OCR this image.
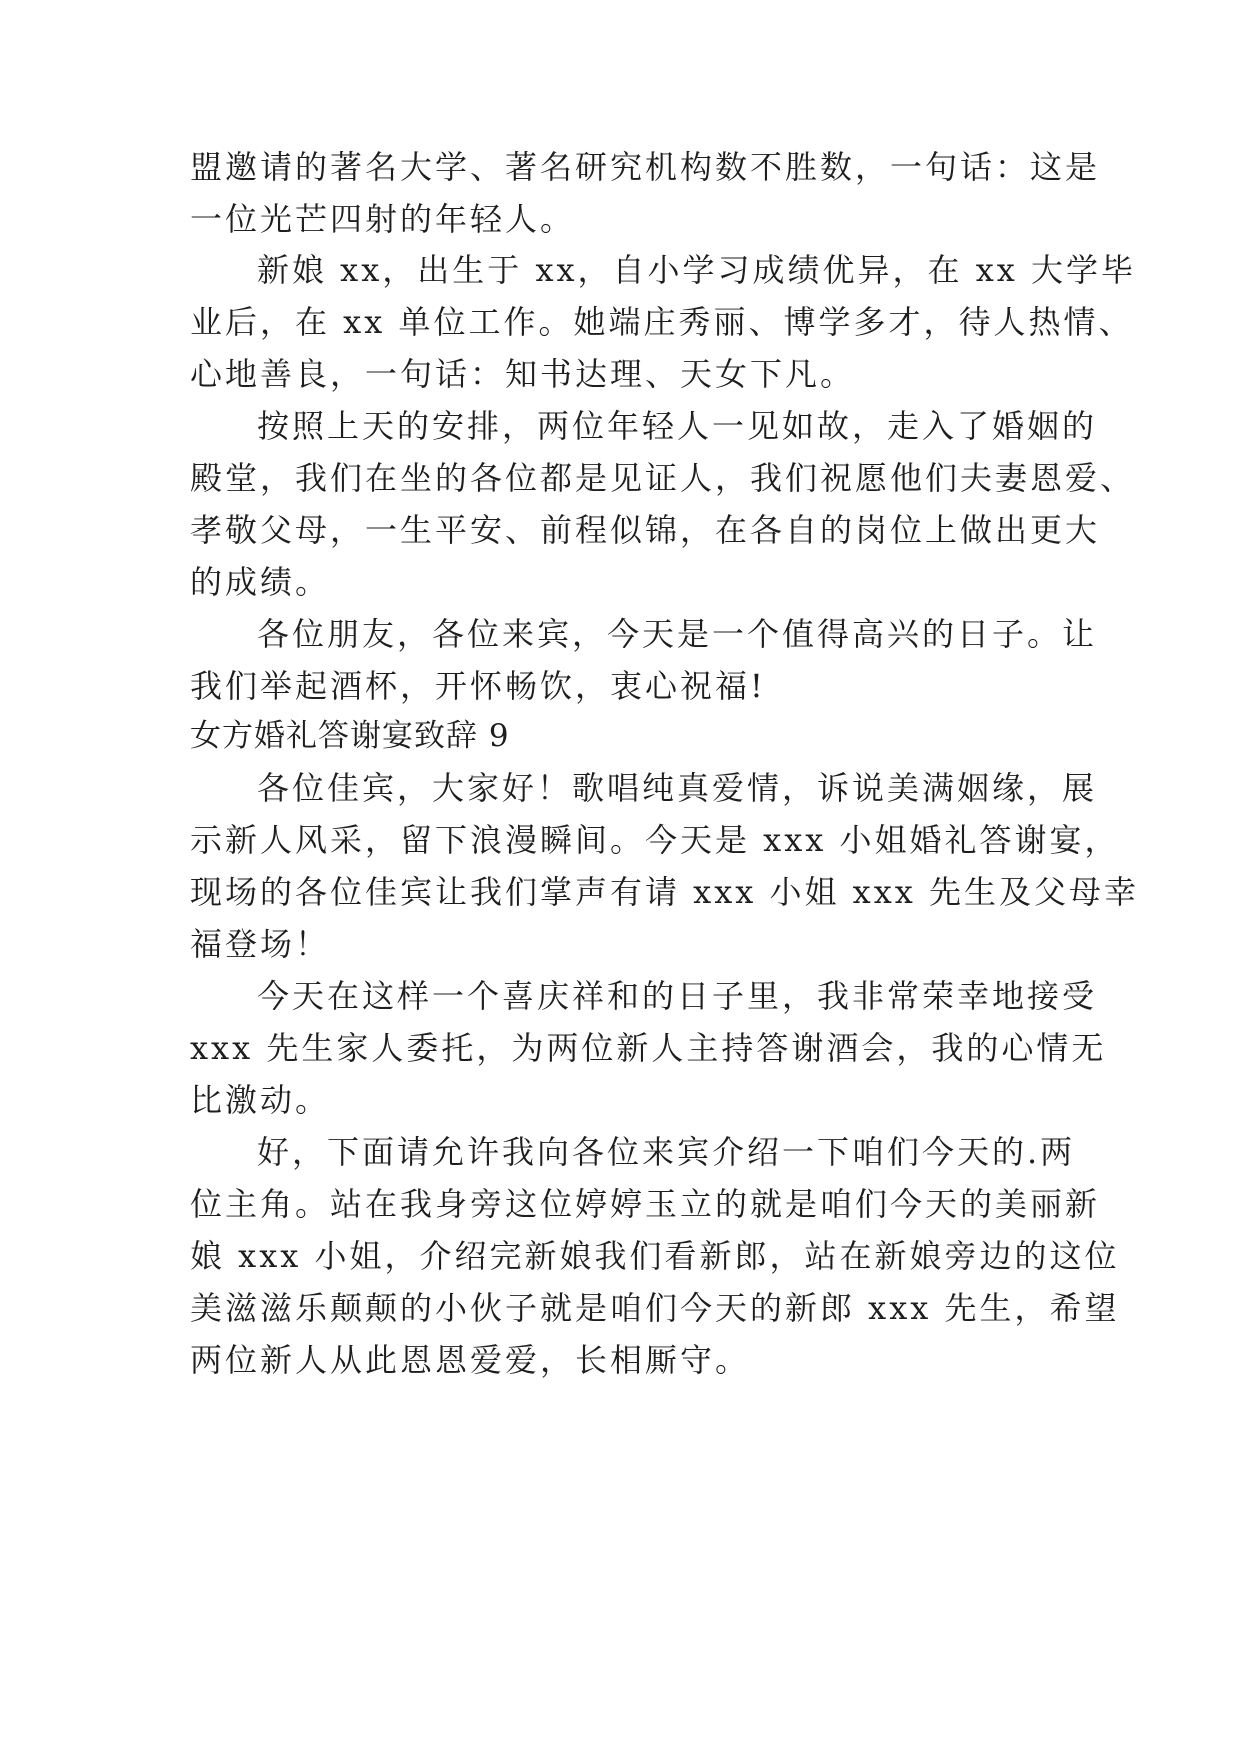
盟邀请的著名大学、著名研究机构数不胜数，一句话：这是

一位光芒四射的年轻人。

新娘 xx，出生于 xx，自小学习成绩优异，在 xx 大学毕

业后，在 xx 单位工作。她端庄秀丽、博学多才，待人热情、

心地善良，一句话：知书达理、天女下凡。

按照上天的安排，两位年轻人一见如故，走入了婚姻的

殿堂，我们在坐的各位都是见证人，我们祝愿他们夫妻恩爱、

孝敬父母，一生平安、前程似锦，在各自的岗位上做出更大

的成绩。

各位朋友，各位来宾，今天是一个值得高兴的日子。让

我们举起酒杯，开怀畅饮，衷心祝福!

女方婚礼答谢宴致辞 9

各位佳宾，大家好！歌唱纯真爱情，诉说美满姻缘，展

示新人风采，留下浪漫瞬间。今天是 xxx 小姐婚礼答谢宴，

现场的各位佳宾让我们掌声有请 xxx 小姐 xxx 先生及父母幸

福登场！

今天在这样一个喜庆祥和的日子里，我非常荣幸地接受

xxx 先生家人委托，为两位新人主持答谢酒会，我的心情无

比激动。

好，下面请允许我向各位来宾介绍一下咱们今天的.两

位主角。站在我身旁这位婷婷玉立的就是咱们今天的美丽新

娘 xxx 小姐，介绍完新娘我们看新郎，站在新娘旁边的这位

美滋滋乐颠颠的小伙子就是咱们今天的新郎 xxx 先生，希望

两位新人从此恩恩爱爱，长相厮守。
